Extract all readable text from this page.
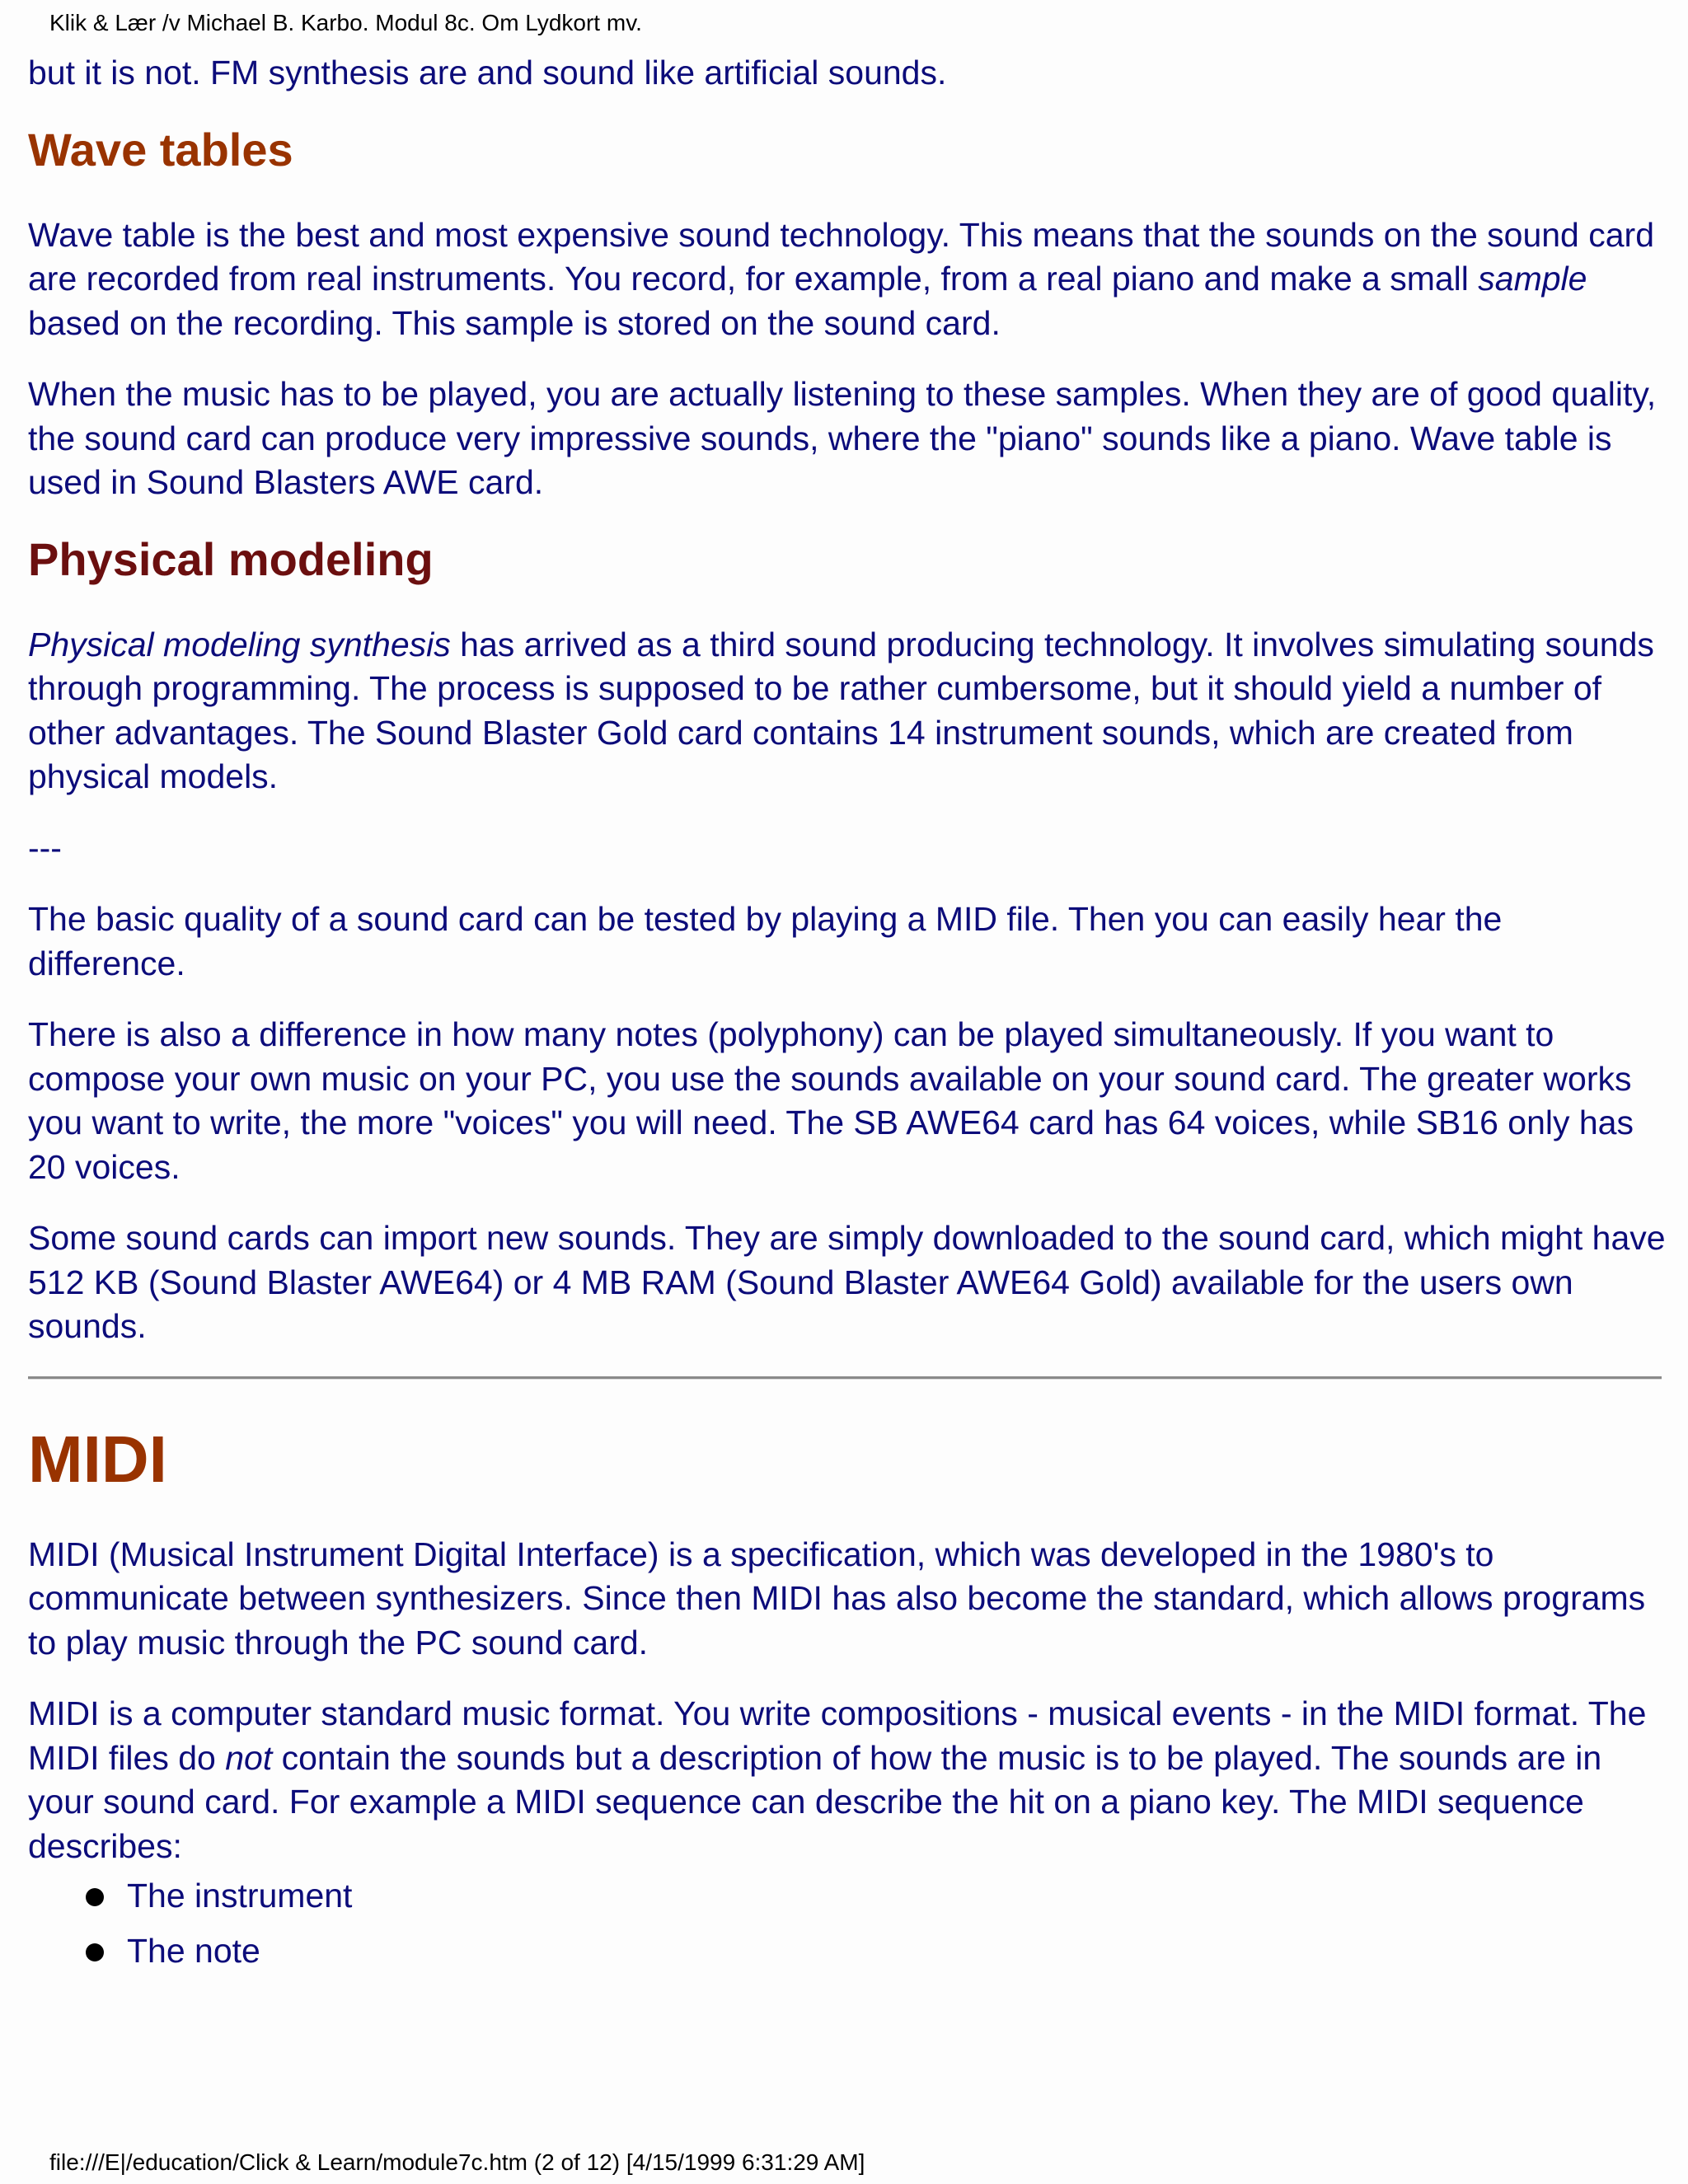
Klik & Lær /v Michael B. Karbo. Modul 8c. Om Lydkort mv.

but it is not. FM synthesis are and sound like artificial sounds.

Wave tables

Wave table is the best and most expensive sound technology. This means that the sounds on the sound card are recorded from real instruments. You record, for example, from a real piano and make a small sample based on the recording. This sample is stored on the sound card.

When the music has to be played, you are actually listening to these samples. When they are of good quality, the sound card can produce very impressive sounds, where the "piano" sounds like a piano. Wave table is used in Sound Blasters AWE card.

Physical modeling

Physical modeling synthesis has arrived as a third sound producing technology. It involves simulating sounds through programming. The process is supposed to be rather cumbersome, but it should yield a number of other advantages. The Sound Blaster Gold card contains 14 instrument sounds, which are created from physical models.

---

The basic quality of a sound card can be tested by playing a MID file. Then you can easily hear the difference.

There is also a difference in how many notes (polyphony) can be played simultaneously. If you want to compose your own music on your PC, you use the sounds available on your sound card. The greater works you want to write, the more "voices" you will need. The SB AWE64 card has 64 voices, while SB16 only has 20 voices.

Some sound cards can import new sounds. They are simply downloaded to the sound card, which might have 512 KB (Sound Blaster AWE64) or 4 MB RAM (Sound Blaster AWE64 Gold) available for the users own sounds.

MIDI

MIDI (Musical Instrument Digital Interface) is a specification, which was developed in the 1980's to communicate between synthesizers. Since then MIDI has also become the standard, which allows programs to play music through the PC sound card.

MIDI is a computer standard music format. You write compositions - musical events - in the MIDI format. The MIDI files do not contain the sounds but a description of how the music is to be played. The sounds are in your sound card. For example a MIDI sequence can describe the hit on a piano key. The MIDI sequence describes:

The instrument
The note
file:///E|/education/Click & Learn/module7c.htm (2 of 12) [4/15/1999 6:31:29 AM]
